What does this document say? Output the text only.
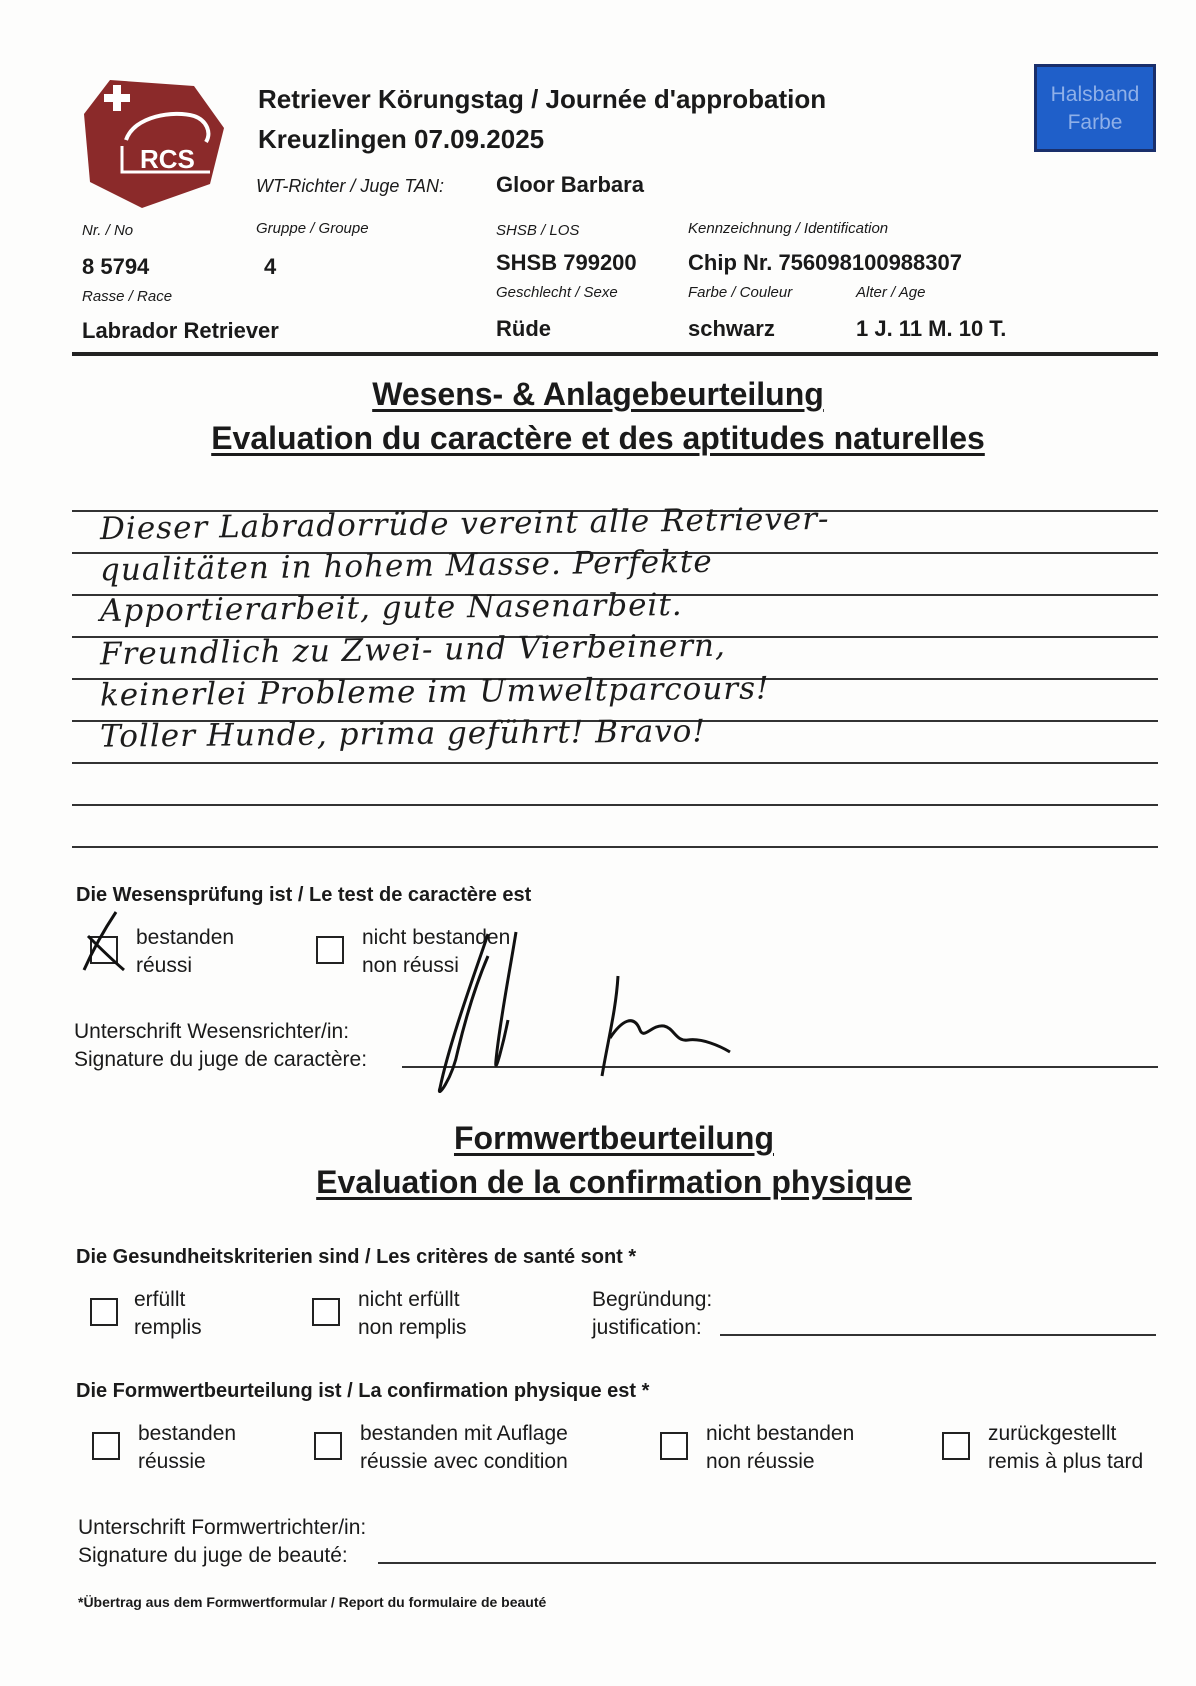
RCS
Retriever Körungstag / Journée d'approbation
Kreuzlingen 07.09.2025
WT-Richter / Juge TAN: Gloor Barbara
Halsband
Farbe
Nr. / No	Gruppe / Groupe	SHSB / LOS	Kennzeichnung / Identification
8 5794	4	SHSB 799200 Chip Nr. 756098100988307
Rasse / Race	Geschlecht / Sexe	Farbe / Couleur	Alter / Age
Labrador Retriever	Rüde	schwarz	1 J. 11 M. 10 T.
Wesens- & Anlagebeurteilung
Evaluation du caractère et des aptitudes naturelles
Dieser Labradorrüde vereint alle Retriever-
qualitäten in hohem Masse. Perfekte
Apportierarbeit, gute Nasenarbeit.
Freundlich zu Zwei- und Vierbeinern,
keinerlei Probleme im Umweltparcours!
Toller Hunde, prima geführt! Bravo!
Die Wesensprüfung ist / Le test de caractère est
bestanden
réussi
nicht bestanden
non réussi
Unterschrift Wesensrichter/in:
Signature du juge de caractère:
Formwertbeurteilung
Evaluation de la confirmation physique
Die Gesundheitskriterien sind / Les critères de santé sont *
erfüllt
remplis
nicht erfüllt
non remplis
Begründung:
justification:
Die Formwertbeurteilung ist / La confirmation physique est *
bestanden
réussie
bestanden mit Auflage
réussie avec condition
nicht bestanden
non réussie
zurückgestellt
remis à plus tard
Unterschrift Formwertrichter/in:
Signature du juge de beauté:
*Übertrag aus dem Formwertformular / Report du formulaire de beauté
